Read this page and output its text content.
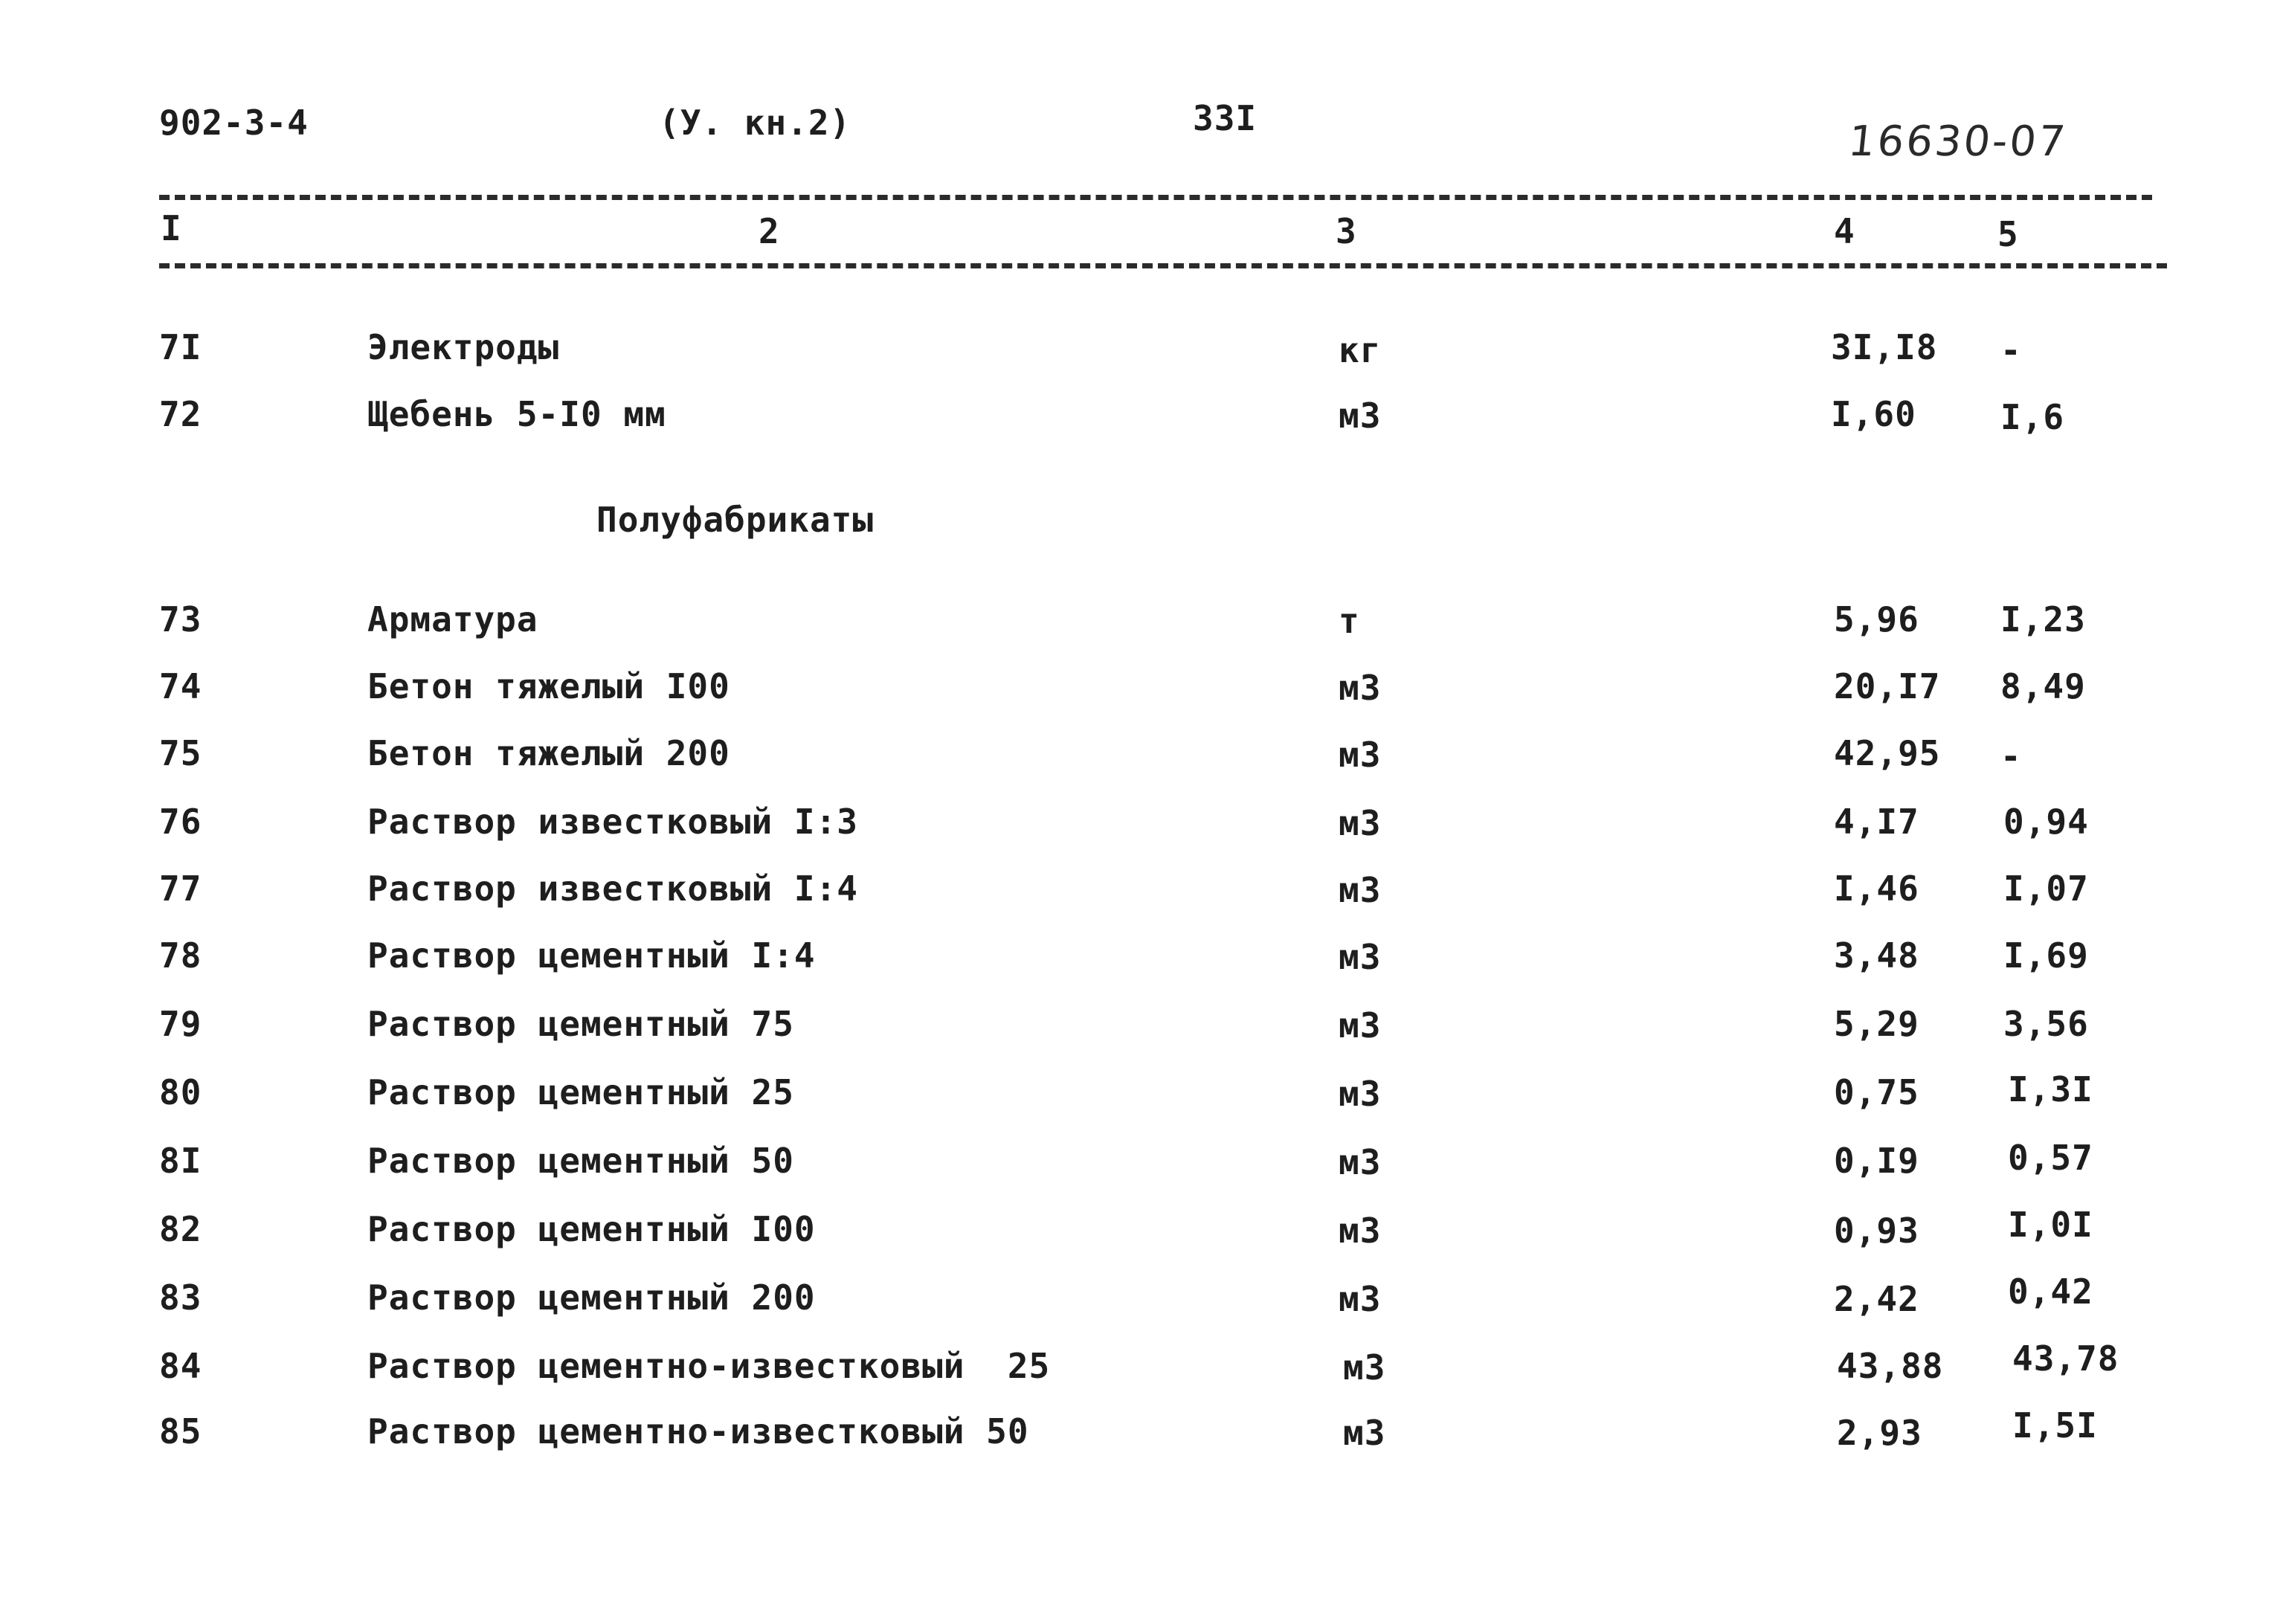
902-3-4	(У. кн.2)	33I	16630-07
I	2	3	4	5
7I	Электроды	кг	3I,I8 -
72	Щебень 5-I0 мм	м3	I,60 I,6
Полуфабрикаты
73	Арматура	т	5,96 I,23
74	Бетон тяжелый I00	м3	20,I7 8,49
75	Бетон тяжелый 200	м3	42,95 -
76	Раствор известковый I:3	м3	4,I7 0,94
77	Раствор известковый I:4	м3	I,46 I,07
78	Раствор цементный I:4	м3	3,48 I,69
79	Раствор цементный 75	м3	5,29 3,56
80	Раствор цементный 25	м3	0,75	I,3I
8I	Раствор цементный 50	м3	0,I9	0,57
82	Раствор цементный I00	м3	0,93	I,0I
83	Раствор цементный 200	м3	2,42	0,42
84	Раствор цементно-известковый  25	м3	43,88 43,78
85	Раствор цементно-известковый 50	м3	2,93	I,5I
